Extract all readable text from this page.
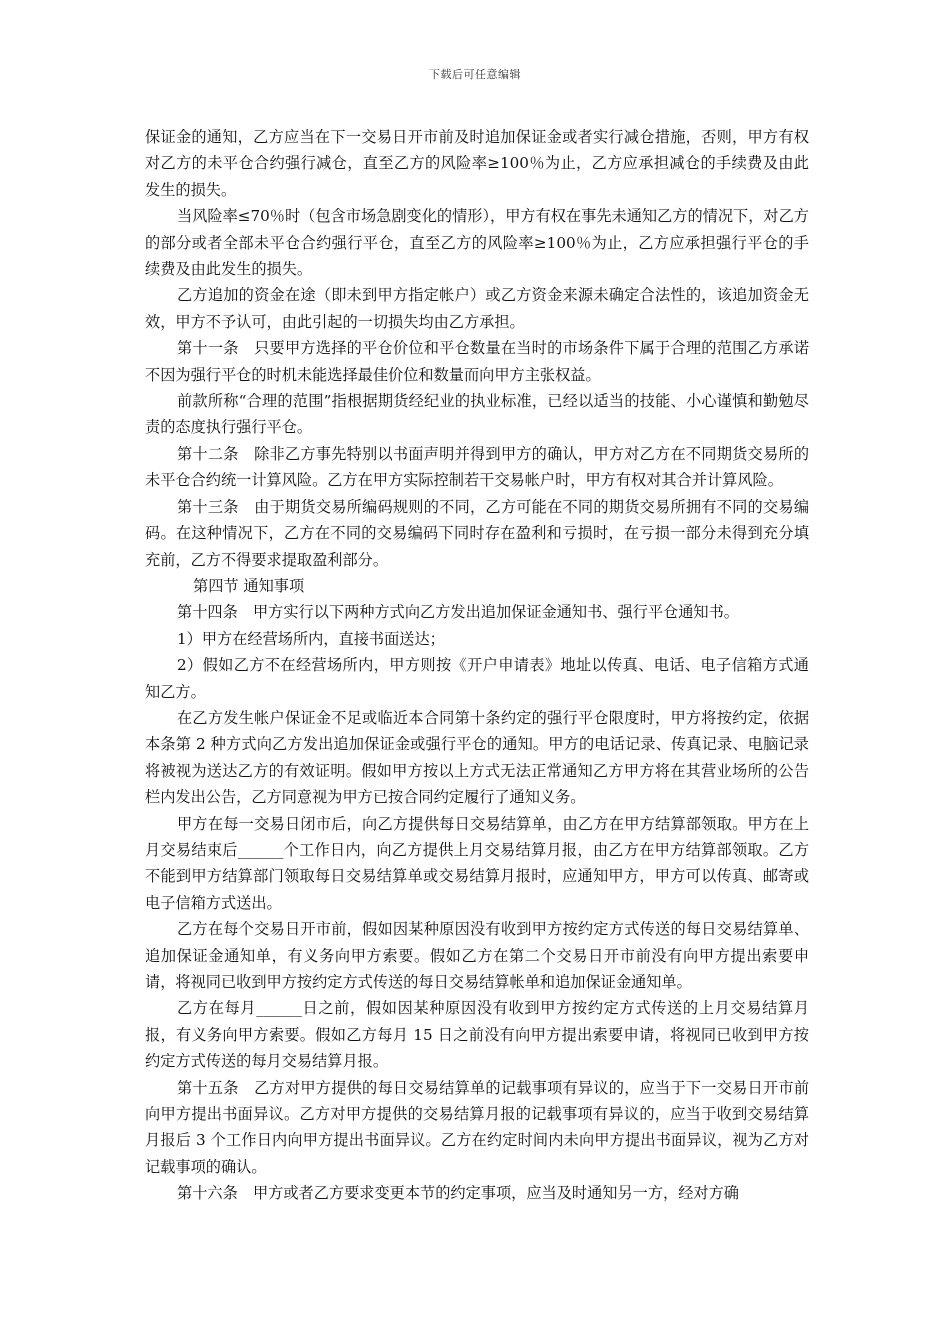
下载后可任意编辑

保证金的通知，乙方应当在下一交易日开市前及时追加保证金或者实行减仓措施，否则，甲方有权对乙方的未平仓合约强行减仓，直至乙方的风险率≥100％为止，乙方应承担减仓的手续费及由此发生的损失。

当风险率≤70％时（包含市场急剧变化的情形），甲方有权在事先未通知乙方的情况下，对乙方的部分或者全部未平仓合约强行平仓，直至乙方的风险率≥100％为止，乙方应承担强行平仓的手续费及由此发生的损失。

乙方追加的资金在途（即未到甲方指定帐户）或乙方资金来源未确定合法性的，该追加资金无效，甲方不予认可，由此引起的一切损失均由乙方承担。

第十一条　只要甲方选择的平仓价位和平仓数量在当时的市场条件下属于合理的范围乙方承诺不因为强行平仓的时机未能选择最佳价位和数量而向甲方主张权益。

前款所称“合理的范围”指根据期货经纪业的执业标准，已经以适当的技能、小心谨慎和勤勉尽责的态度执行强行平仓。

第十二条　除非乙方事先特别以书面声明并得到甲方的确认，甲方对乙方在不同期货交易所的未平仓合约统一计算风险。乙方在甲方实际控制若干交易帐户时，甲方有权对其合并计算风险。

第十三条　由于期货交易所编码规则的不同，乙方可能在不同的期货交易所拥有不同的交易编码。在这种情况下，乙方在不同的交易编码下同时存在盈利和亏损时，在亏损一部分未得到充分填充前，乙方不得要求提取盈利部分。

第四节 通知事项

第十四条　甲方实行以下两种方式向乙方发出追加保证金通知书、强行平仓通知书。

1）甲方在经营场所内，直接书面送达；

2）假如乙方不在经营场所内，甲方则按《开户申请表》地址以传真、电话、电子信箱方式通知乙方。

在乙方发生帐户保证金不足或临近本合同第十条约定的强行平仓限度时，甲方将按约定，依据本条第 2 种方式向乙方发出追加保证金或强行平仓的通知。甲方的电话记录、传真记录、电脑记录将被视为送达乙方的有效证明。假如甲方按以上方式无法正常通知乙方甲方将在其营业场所的公告栏内发出公告，乙方同意视为甲方已按合同约定履行了通知义务。

甲方在每一交易日闭市后，向乙方提供每日交易结算单，由乙方在甲方结算部领取。甲方在上月交易结束后______个工作日内，向乙方提供上月交易结算月报，由乙方在甲方结算部领取。乙方不能到甲方结算部门领取每日交易结算单或交易结算月报时，应通知甲方，甲方可以传真、邮寄或电子信箱方式送出。

乙方在每个交易日开市前，假如因某种原因没有收到甲方按约定方式传送的每日交易结算单、追加保证金通知单，有义务向甲方索要。假如乙方在第二个交易日开市前没有向甲方提出索要申请，将视同已收到甲方按约定方式传送的每日交易结算帐单和追加保证金通知单。

乙方在每月______日之前，假如因某种原因没有收到甲方按约定方式传送的上月交易结算月报，有义务向甲方索要。假如乙方每月 15 日之前没有向甲方提出索要申请，将视同已收到甲方按约定方式传送的每月交易结算月报。

第十五条　乙方对甲方提供的每日交易结算单的记载事项有异议的，应当于下一交易日开市前向甲方提出书面异议。乙方对甲方提供的交易结算月报的记载事项有异议的，应当于收到交易结算月报后 3 个工作日内向甲方提出书面异议。乙方在约定时间内未向甲方提出书面异议，视为乙方对记载事项的确认。

第十六条　甲方或者乙方要求变更本节的约定事项，应当及时通知另一方，经对方确
